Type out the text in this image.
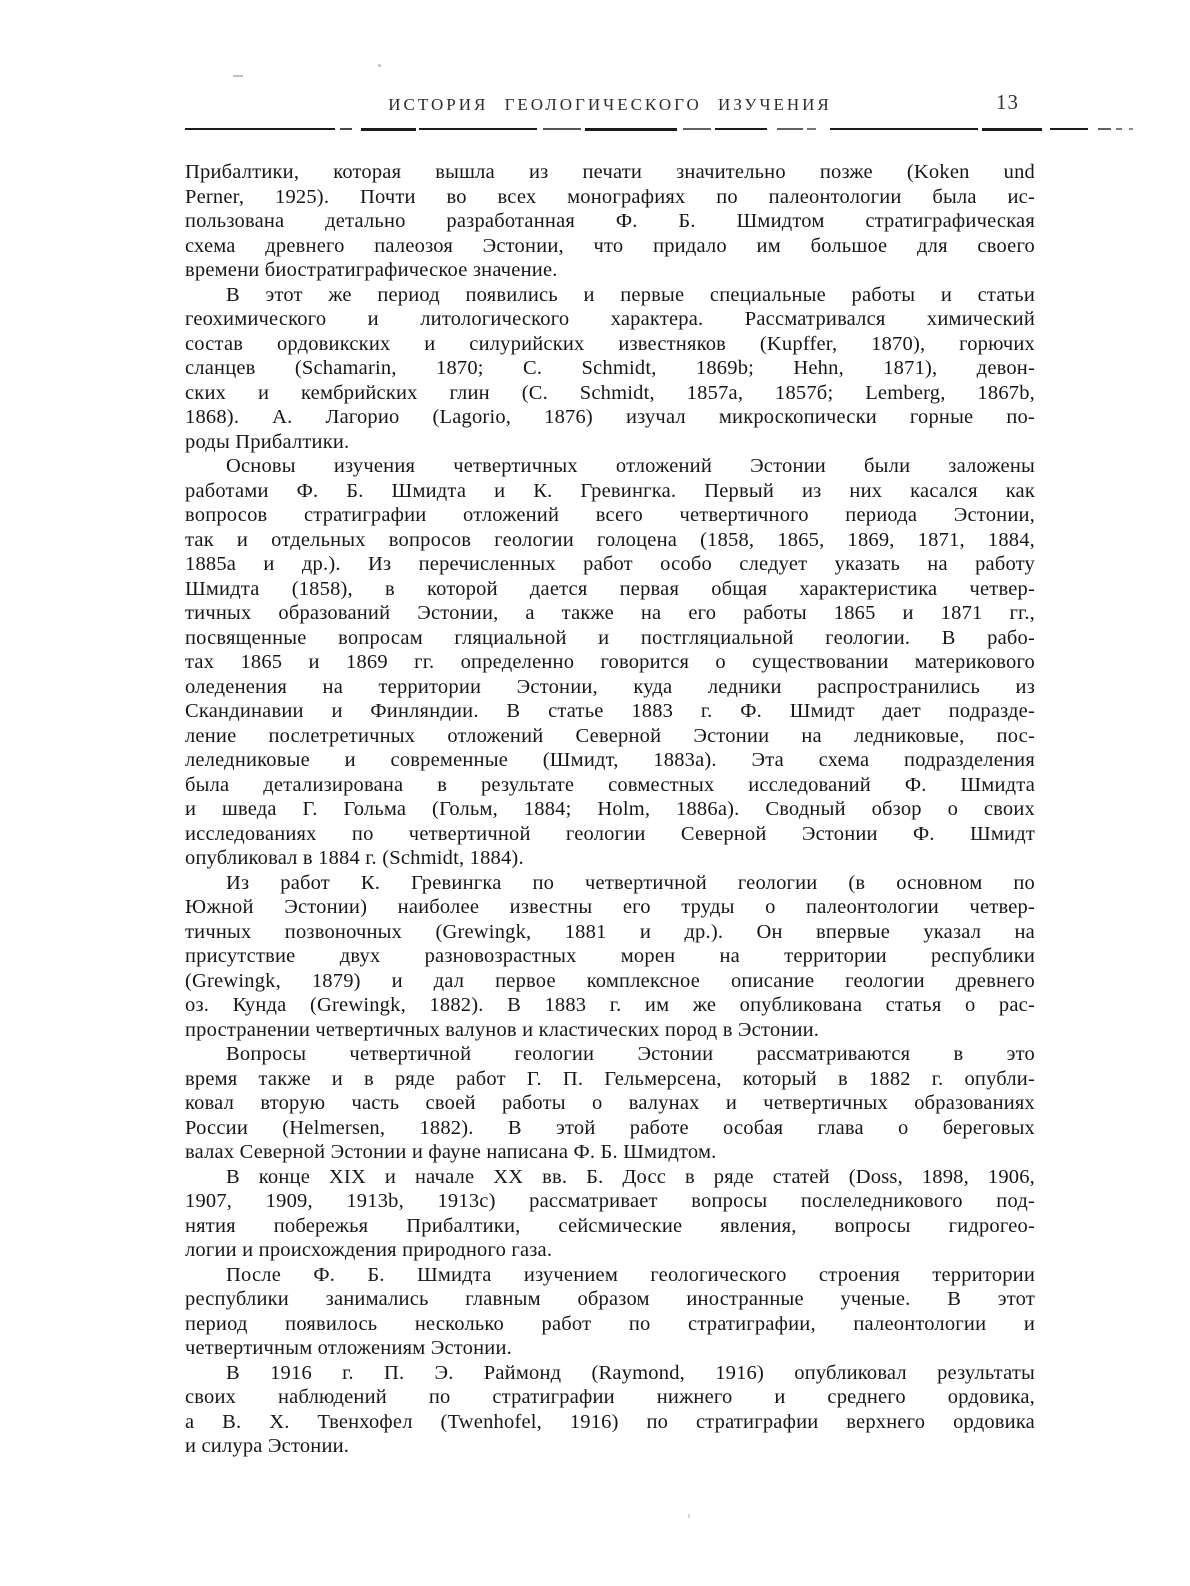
ИСТОРИЯ ГЕОЛОГИЧЕСКОГО ИЗУЧЕНИЯ	13

Прибалтики, которая вышла из печати значительно позже (Koken und
Perner, 1925). Почти во всех монографиях по палеонтологии была ис-
пользована детально разработанная Ф. Б. Шмидтом стратиграфическая
схема древнего палеозоя Эстонии, что придало им большое для своего
времени биостратиграфическое значение.

В этот же период появились и первые специальные работы и статьи
геохимического и литологического характера. Рассматривался химический
состав ордовикских и силурийских известняков (Kupffer, 1870), горючих
сланцев (Schamarin, 1870; С. Schmidt, 1869b; Hehn, 1871), девон-
ских и кембрийских глин (С. Schmidt, 1857a, 1857б; Lemberg, 1867b,
1868). А. Лагорио (Lagorio, 1876) изучал микроскопически горные по-
роды Прибалтики.

Основы изучения четвертичных отложений Эстонии были заложены
работами Ф. Б. Шмидта и К. Гревингка. Первый из них касался как
вопросов стратиграфии отложений всего четвертичного периода Эстонии,
так и отдельных вопросов геологии голоцена (1858, 1865, 1869, 1871, 1884,
1885а и др.). Из перечисленных работ особо следует указать на работу
Шмидта (1858), в которой дается первая общая характеристика четвер-
тичных образований Эстонии, а также на его работы 1865 и 1871 гг.,
посвященные вопросам гляциальной и постгляциальной геологии. В рабо-
тах 1865 и 1869 гг. определенно говорится о существовании материкового
оледенения на территории Эстонии, куда ледники распространились из
Скандинавии и Финляндии. В статье 1883 г. Ф. Шмидт дает подразде-
ление послетретичных отложений Северной Эстонии на ледниковые, пос-
леледниковые и современные (Шмидт, 1883а). Эта схема подразделения
была детализирована в результате совместных исследований Ф. Шмидта
и шведа Г. Гольма (Гольм, 1884; Holm, 1886а). Сводный обзор о своих
исследованиях по четвертичной геологии Северной Эстонии Ф. Шмидт
опубликовал в 1884 г. (Schmidt, 1884).

Из работ К. Гревингка по четвертичной геологии (в основном по
Южной Эстонии) наиболее известны его труды о палеонтологии четвер-
тичных позвоночных (Grewingk, 1881 и др.). Он впервые указал на
присутствие двух разновозрастных морен на территории республики
(Grewingk, 1879) и дал первое комплексное описание геологии древнего
оз. Кунда (Grewingk, 1882). В 1883 г. им же опубликована статья о рас-
пространении четвертичных валунов и кластических пород в Эстонии.

Вопросы четвертичной геологии Эстонии рассматриваются в это
время также и в ряде работ Г. П. Гельмерсена, который в 1882 г. опубли-
ковал вторую часть своей работы о валунах и четвертичных образованиях
России (Helmersen, 1882). В этой работе особая глава о береговых
валах Северной Эстонии и фауне написана Ф. Б. Шмидтом.

В конце XIX и начале XX вв. Б. Досс в ряде статей (Doss, 1898, 1906,
1907, 1909, 1913b, 1913c) рассматривает вопросы послеледникового под-
нятия побережья Прибалтики, сейсмические явления, вопросы гидрогео-
логии и происхождения природного газа.

После Ф. Б. Шмидта изучением геологического строения территории
республики занимались главным образом иностранные ученые. В этот
период появилось несколько работ по стратиграфии, палеонтологии и
четвертичным отложениям Эстонии.

В 1916 г. П. Э. Раймонд (Raymond, 1916) опубликовал результаты
своих наблюдений по стратиграфии нижнего и среднего ордовика,
а В. Х. Твенхофел (Twenhofel, 1916) по стратиграфии верхнего ордовика
и силура Эстонии.
